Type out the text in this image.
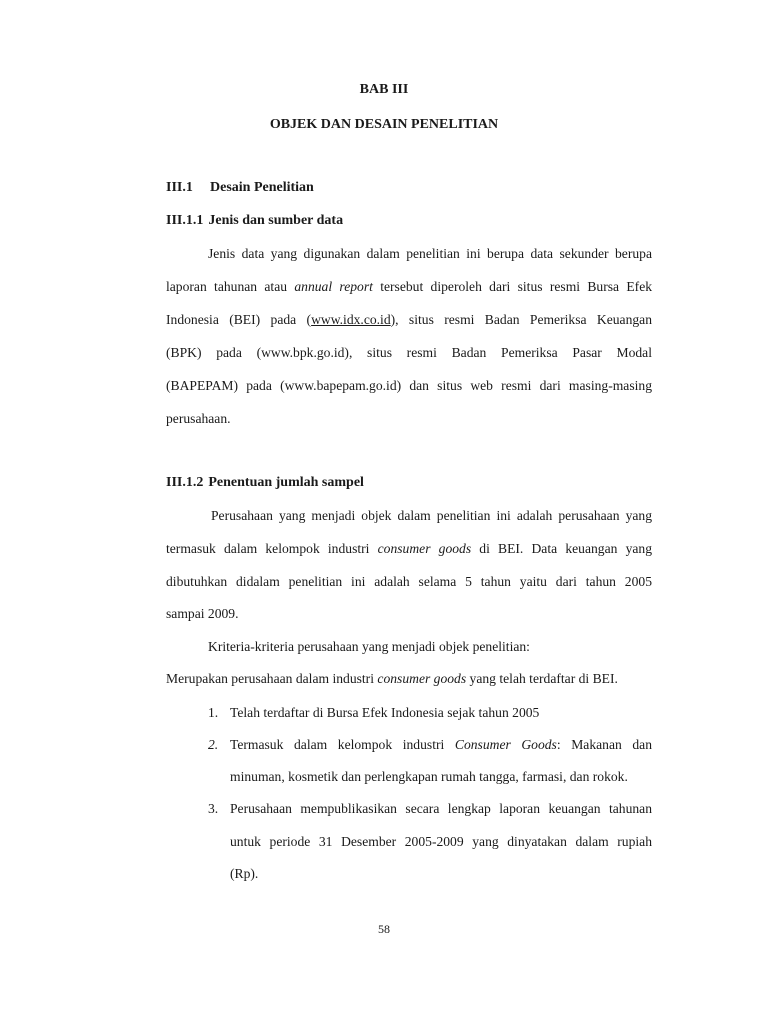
BAB III
OBJEK DAN DESAIN PENELITIAN
III.1 Desain Penelitian
III.1.1 Jenis dan sumber data
Jenis data yang digunakan dalam penelitian ini berupa data sekunder berupa
laporan tahunan atau annual report tersebut diperoleh dari situs resmi Bursa Efek
Indonesia (BEI) pada (www.idx.co.id), situs resmi Badan Pemeriksa Keuangan
(BPK) pada (www.bpk.go.id), situs resmi Badan Pemeriksa Pasar Modal
(BAPEPAM) pada (www.bapepam.go.id) dan situs web resmi dari masing-masing
perusahaan.
III.1.2 Penentuan jumlah sampel
Perusahaan yang menjadi objek dalam penelitian ini adalah perusahaan yang
termasuk dalam kelompok industri consumer goods di BEI. Data keuangan yang
dibutuhkan didalam penelitian ini adalah selama 5 tahun yaitu dari tahun 2005
sampai 2009.
Kriteria-kriteria perusahaan yang menjadi objek penelitian:
Merupakan perusahaan dalam industri consumer goods yang telah terdaftar di BEI.
1. Telah terdaftar di Bursa Efek Indonesia sejak tahun 2005
2. Termasuk dalam kelompok industri Consumer Goods: Makanan dan
minuman, kosmetik dan perlengkapan rumah tangga, farmasi, dan rokok.
3. Perusahaan mempublikasikan secara lengkap laporan keuangan tahunan
untuk periode 31 Desember 2005-2009 yang dinyatakan dalam rupiah
(Rp).
58
